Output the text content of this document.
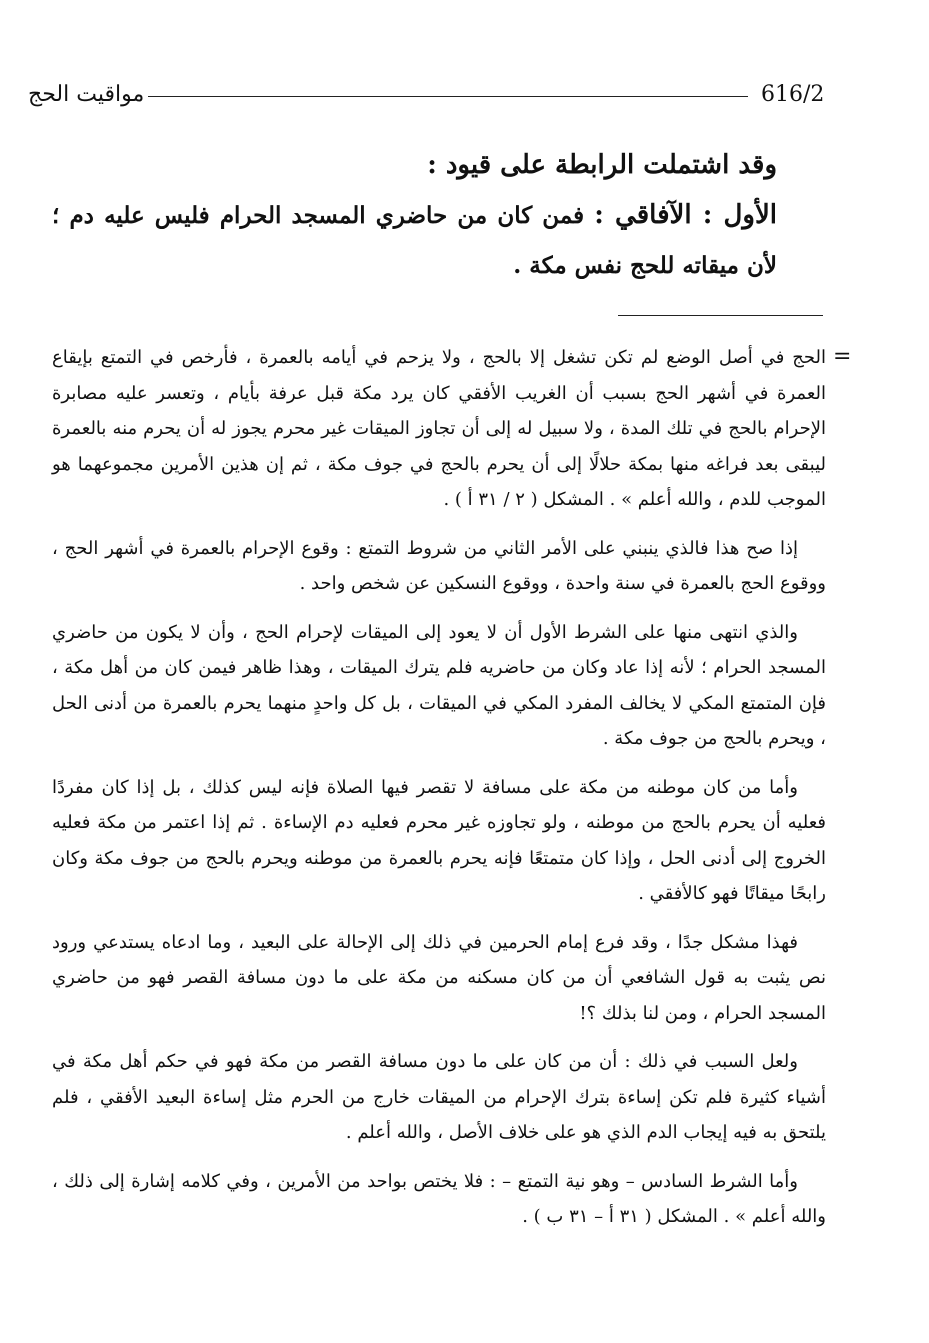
616/2
مواقيت الحج

وقد اشتملت الرابطة على قيود :

الأول : الآفاقي : فمن كان من حاضري المسجد الحرام فليس عليه دم ؛ لأن ميقاته للحج نفس مكة .

=

الحج في أصل الوضع لم تكن تشغل إلا بالحج ، ولا يزحم في أيامه بالعمرة ، فأرخص في التمتع بإيقاع العمرة في أشهر الحج بسبب أن الغريب الأفقي كان يرد مكة قبل عرفة بأيام ، وتعسر عليه مصابرة الإحرام بالحج في تلك المدة ، ولا سبيل له إلى أن تجاوز الميقات غير محرم يجوز له أن يحرم منه بالعمرة ليبقى بعد فراغه منها بمكة حلالًا إلى أن يحرم بالحج في جوف مكة ، ثم إن هذين الأمرين مجموعهما هو الموجب للدم ، والله أعلم » . المشكل ( ٢ / ٣١ أ ) .

إذا صح هذا فالذي ينبني على الأمر الثاني من شروط التمتع : وقوع الإحرام بالعمرة في أشهر الحج ، ووقوع الحج بالعمرة في سنة واحدة ، ووقوع النسكين عن شخص واحد .

والذي انتهى منها على الشرط الأول أن لا يعود إلى الميقات لإحرام الحج ، وأن لا يكون من حاضري المسجد الحرام ؛ لأنه إذا عاد وكان من حاضريه فلم يترك الميقات ، وهذا ظاهر فيمن كان من أهل مكة ، فإن المتمتع المكي لا يخالف المفرد المكي في الميقات ، بل كل واحدٍ منهما يحرم بالعمرة من أدنى الحل ، ويحرم بالحج من جوف مكة .

وأما من كان موطنه من مكة على مسافة لا تقصر فيها الصلاة فإنه ليس كذلك ، بل إذا كان مفردًا فعليه أن يحرم بالحج من موطنه ، ولو تجاوزه غير محرم فعليه دم الإساءة . ثم إذا اعتمر من مكة فعليه الخروج إلى أدنى الحل ، وإذا كان متمتعًا فإنه يحرم بالعمرة من موطنه ويحرم بالحج من جوف مكة وكان رابحًا ميقاتًا فهو كالأفقي .

فهذا مشكل جدًا ، وقد فرع إمام الحرمين في ذلك إلى الإحالة على البعيد ، وما ادعاه يستدعي ورود نص يثبت به قول الشافعي أن من كان مسكنه من مكة على ما دون مسافة القصر فهو من حاضري المسجد الحرام ، ومن لنا بذلك ؟!

ولعل السبب في ذلك : أن من كان على ما دون مسافة القصر من مكة فهو في حكم أهل مكة في أشياء كثيرة فلم تكن إساءة بترك الإحرام من الميقات خارج من الحرم مثل إساءة البعيد الأفقي ، فلم يلتحق به فيه إيجاب الدم الذي هو على خلاف الأصل ، والله أعلم .

وأما الشرط السادس – وهو نية التمتع – : فلا يختص بواحد من الأمرين ، وفي كلامه إشارة إلى ذلك ، والله أعلم » . المشكل ( ٣١ أ – ٣١ ب ) .
